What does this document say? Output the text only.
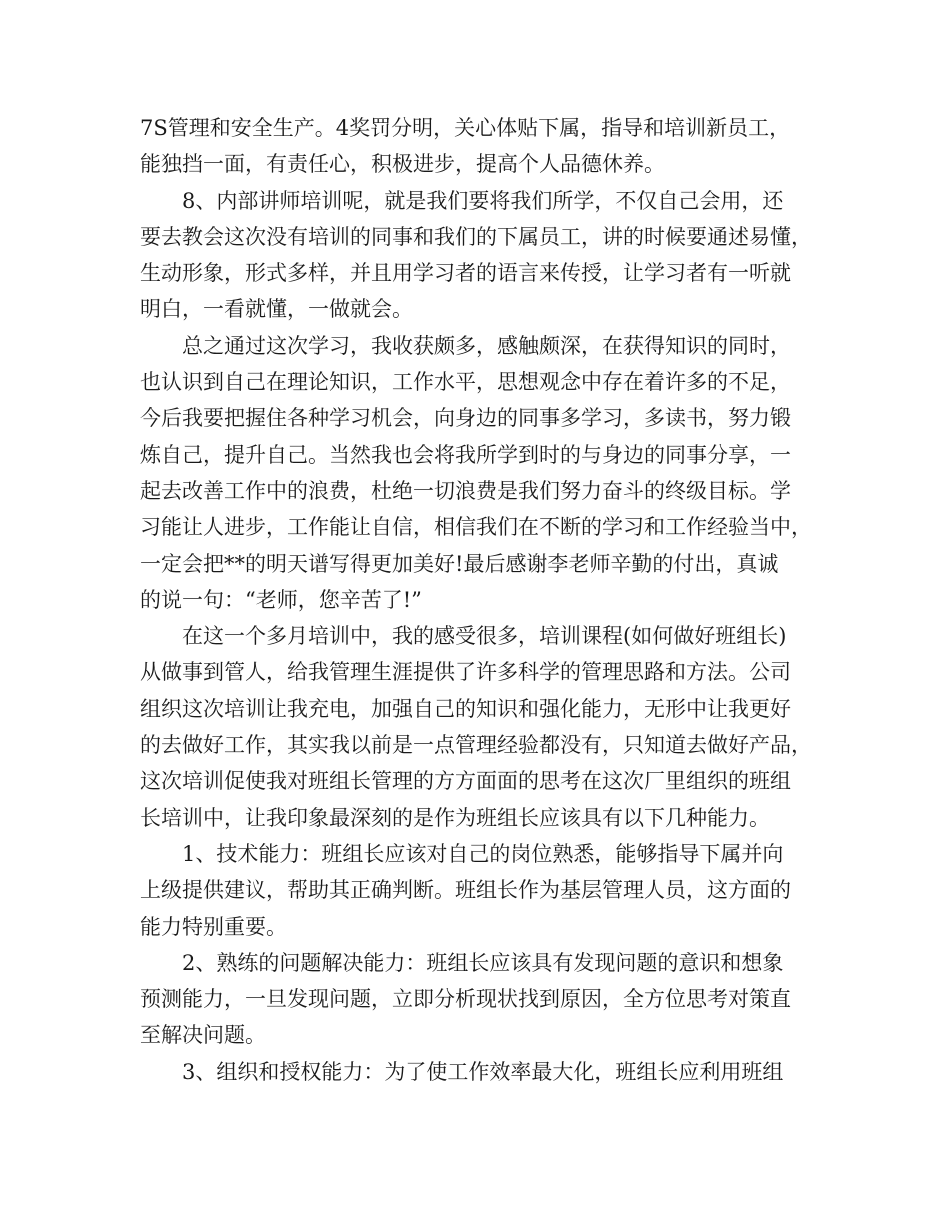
7S管理和安全生产。4奖罚分明，关心体贴下属，指导和培训新员工，
能独挡一面，有责任心，积极进步，提高个人品德休养。
8、内部讲师培训呢，就是我们要将我们所学，不仅自己会用，还
要去教会这次没有培训的同事和我们的下属员工，讲的时候要通述易懂，
生动形象，形式多样，并且用学习者的语言来传授，让学习者有一听就
明白，一看就懂，一做就会。
总之通过这次学习，我收获颇多，感触颇深，在获得知识的同时，
也认识到自己在理论知识，工作水平，思想观念中存在着许多的不足，
今后我要把握住各种学习机会，向身边的同事多学习，多读书，努力锻
炼自己，提升自己。当然我也会将我所学到时的与身边的同事分享，一
起去改善工作中的浪费，杜绝一切浪费是我们努力奋斗的终级目标。学
习能让人进步，工作能让自信，相信我们在不断的学习和工作经验当中，
一定会把**的明天谱写得更加美好!最后感谢李老师辛勤的付出，真诚
的说一句：“老师，您辛苦了!”
在这一个多月培训中，我的感受很多，培训课程(如何做好班组长)
从做事到管人，给我管理生涯提供了许多科学的管理思路和方法。公司
组织这次培训让我充电，加强自己的知识和强化能力，无形中让我更好
的去做好工作，其实我以前是一点管理经验都没有，只知道去做好产品，
这次培训促使我对班组长管理的方方面面的思考在这次厂里组织的班组
长培训中，让我印象最深刻的是作为班组长应该具有以下几种能力。
1、技术能力：班组长应该对自己的岗位熟悉，能够指导下属并向
上级提供建议，帮助其正确判断。班组长作为基层管理人员，这方面的
能力特别重要。
2、熟练的问题解决能力：班组长应该具有发现问题的意识和想象
预测能力，一旦发现问题，立即分析现状找到原因，全方位思考对策直
至解决问题。
3、组织和授权能力：为了使工作效率最大化，班组长应利用班组
